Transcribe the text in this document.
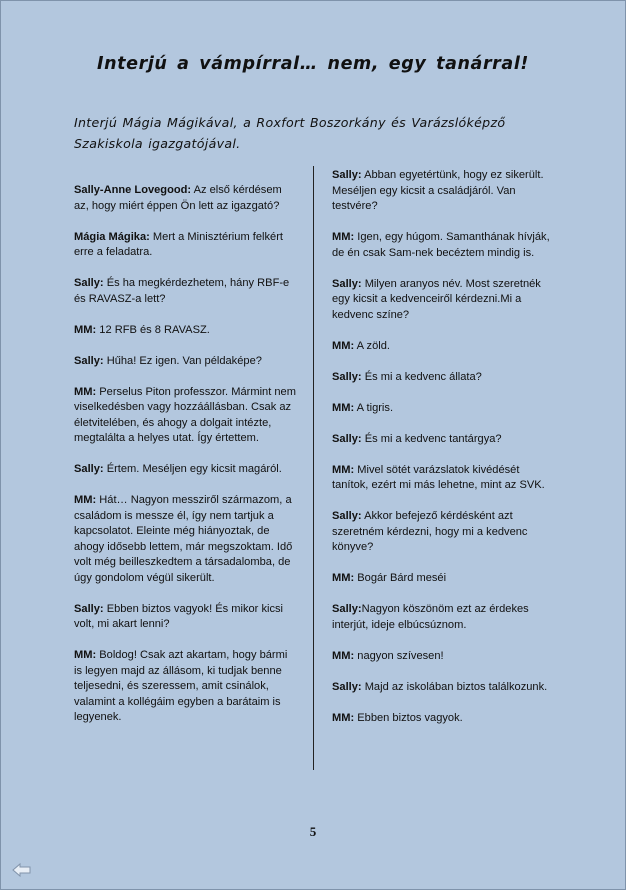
Interjú a vámpírral… nem, egy tanárral!
Interjú Mágia Mágikával, a Roxfort Boszorkány és Varázslóképző Szakiskola igazgatójával.

Sally-Anne Lovegood: Az első kérdésem az, hogy miért éppen Ön lett az igazgató?

Mágia Mágika: Mert a Minisztérium felkért erre a feladatra.

Sally: És ha megkérdezhetem, hány RBF-e és RAVASZ-a lett?

MM: 12 RFB és 8 RAVASZ.

Sally: Hűha! Ez igen. Van példaképe?

MM: Perselus Piton professzor. Mármint nem viselkedésben vagy hozzáállásban. Csak az életvitelében, és ahogy a dolgait intézte, megtalálta a helyes utat. Így értettem.

Sally: Értem. Meséljen egy kicsit magáról.

MM: Hát… Nagyon messziről származom, a családom is messze él, így nem tartjuk a kapcsolatot. Eleinte még hiányoztak, de ahogy idősebb lettem, már megszoktam. Idő volt még beilleszkedtem a társadalomba, de úgy gondolom végül sikerült.

Sally: Ebben biztos vagyok! És mikor kicsi volt, mi akart lenni?

MM: Boldog! Csak azt akartam, hogy bármi is legyen majd az állásom, ki tudjak benne teljesedni, és szeressem, amit csinálok, valamint a kollégáim egyben a barátaim is legyenek.

Sally: Abban egyetértünk, hogy ez sikerült. Meséljen egy kicsit a családjáról. Van testvére?

MM: Igen, egy húgom. Samanthának hívják, de én csak Sam-nek becéztem mindig is.

Sally: Milyen aranyos név. Most szeretnék egy kicsit a kedvenceiről kérdezni.Mi a kedvenc színe?

MM: A zöld.

Sally: És mi a kedvenc állata?

MM: A tigris.

Sally: És mi a kedvenc tantárgya?

MM: Mivel sötét varázslatok kivédését tanítok, ezért mi más lehetne, mint az SVK.

Sally: Akkor befejező kérdésként azt szeretném kérdezni, hogy mi a kedvenc könyve?

MM: Bogár Bárd meséi

Sally:Nagyon köszönöm ezt az érdekes interjút, ideje elbúcsúznom.

MM: nagyon szívesen!

Sally: Majd az iskolában biztos találkozunk.

MM: Ebben biztos vagyok.

5
